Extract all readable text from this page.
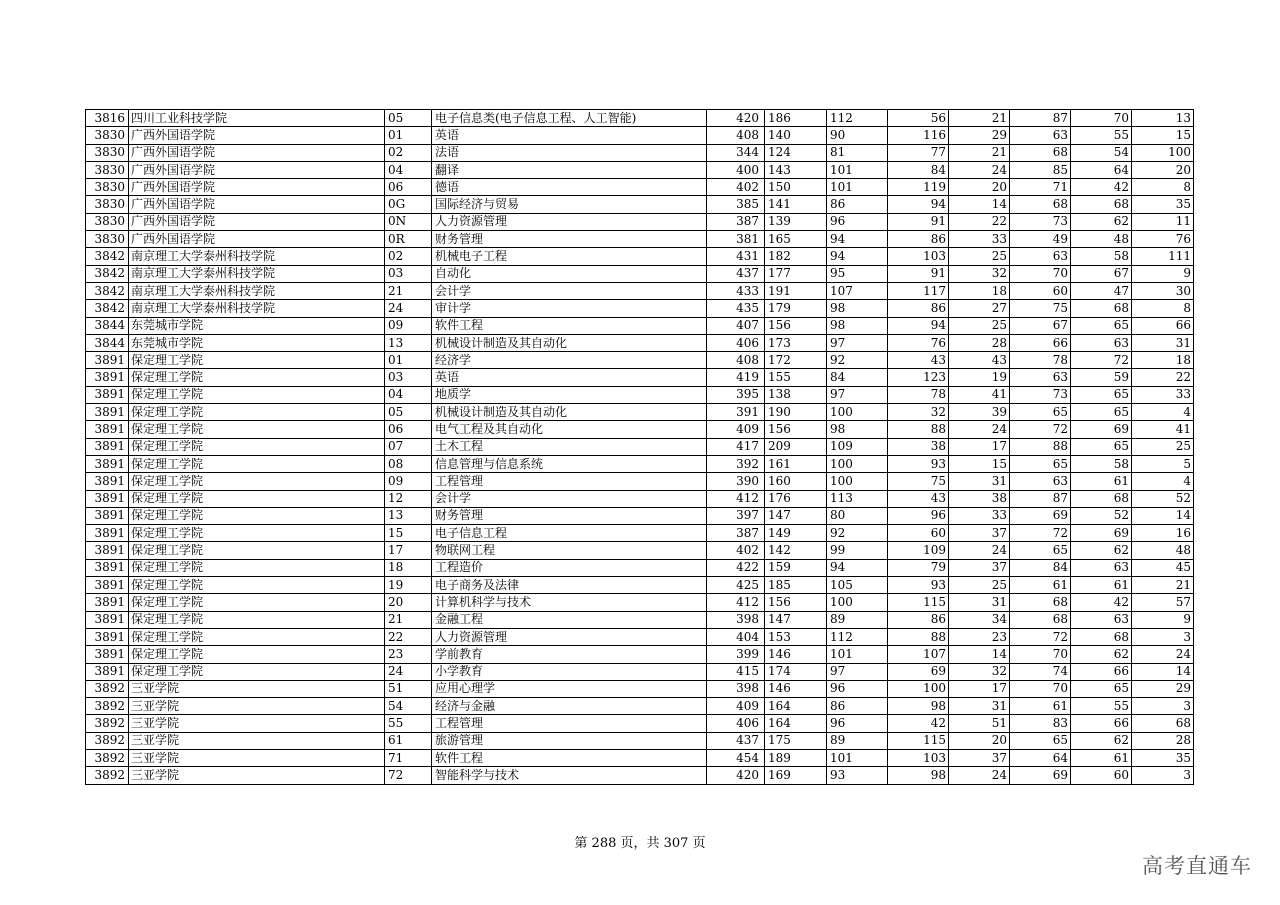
3816	四川工业科技学院	05	电子信息类(电子信息工程、人工智能)	420	186	112	56	21	87	70	13
3830	广西外国语学院	01	英语	408	140	90	116	29	63	55	15
3830	广西外国语学院	02	法语	344	124	81	77	21	68	54	100
3830	广西外国语学院	04	翻译	400	143	101	84	24	85	64	20
3830	广西外国语学院	06	德语	402	150	101	119	20	71	42	8
3830	广西外国语学院	0G	国际经济与贸易	385	141	86	94	14	68	68	35
3830	广西外国语学院	0N	人力资源管理	387	139	96	91	22	73	62	11
3830	广西外国语学院	0R	财务管理	381	165	94	86	33	49	48	76
3842	南京理工大学泰州科技学院	02	机械电子工程	431	182	94	103	25	63	58	111
3842	南京理工大学泰州科技学院	03	自动化	437	177	95	91	32	70	67	9
3842	南京理工大学泰州科技学院	21	会计学	433	191	107	117	18	60	47	30
3842	南京理工大学泰州科技学院	24	审计学	435	179	98	86	27	75	68	8
3844	东莞城市学院	09	软件工程	407	156	98	94	25	67	65	66
3844	东莞城市学院	13	机械设计制造及其自动化	406	173	97	76	28	66	63	31
3891	保定理工学院	01	经济学	408	172	92	43	43	78	72	18
3891	保定理工学院	03	英语	419	155	84	123	19	63	59	22
3891	保定理工学院	04	地质学	395	138	97	78	41	73	65	33
3891	保定理工学院	05	机械设计制造及其自动化	391	190	100	32	39	65	65	4
3891	保定理工学院	06	电气工程及其自动化	409	156	98	88	24	72	69	41
3891	保定理工学院	07	土木工程	417	209	109	38	17	88	65	25
3891	保定理工学院	08	信息管理与信息系统	392	161	100	93	15	65	58	5
3891	保定理工学院	09	工程管理	390	160	100	75	31	63	61	4
3891	保定理工学院	12	会计学	412	176	113	43	38	87	68	52
3891	保定理工学院	13	财务管理	397	147	80	96	33	69	52	14
3891	保定理工学院	15	电子信息工程	387	149	92	60	37	72	69	16
3891	保定理工学院	17	物联网工程	402	142	99	109	24	65	62	48
3891	保定理工学院	18	工程造价	422	159	94	79	37	84	63	45
3891	保定理工学院	19	电子商务及法律	425	185	105	93	25	61	61	21
3891	保定理工学院	20	计算机科学与技术	412	156	100	115	31	68	42	57
3891	保定理工学院	21	金融工程	398	147	89	86	34	68	63	9
3891	保定理工学院	22	人力资源管理	404	153	112	88	23	72	68	3
3891	保定理工学院	23	学前教育	399	146	101	107	14	70	62	24
3891	保定理工学院	24	小学教育	415	174	97	69	32	74	66	14
3892	三亚学院	51	应用心理学	398	146	96	100	17	70	65	29
3892	三亚学院	54	经济与金融	409	164	86	98	31	61	55	3
3892	三亚学院	55	工程管理	406	164	96	42	51	83	66	68
3892	三亚学院	61	旅游管理	437	175	89	115	20	65	62	28
3892	三亚学院	71	软件工程	454	189	101	103	37	64	61	35
3892	三亚学院	72	智能科学与技术	420	169	93	98	24	69	60	3
第 288 页，共 307 页
高考直通车
